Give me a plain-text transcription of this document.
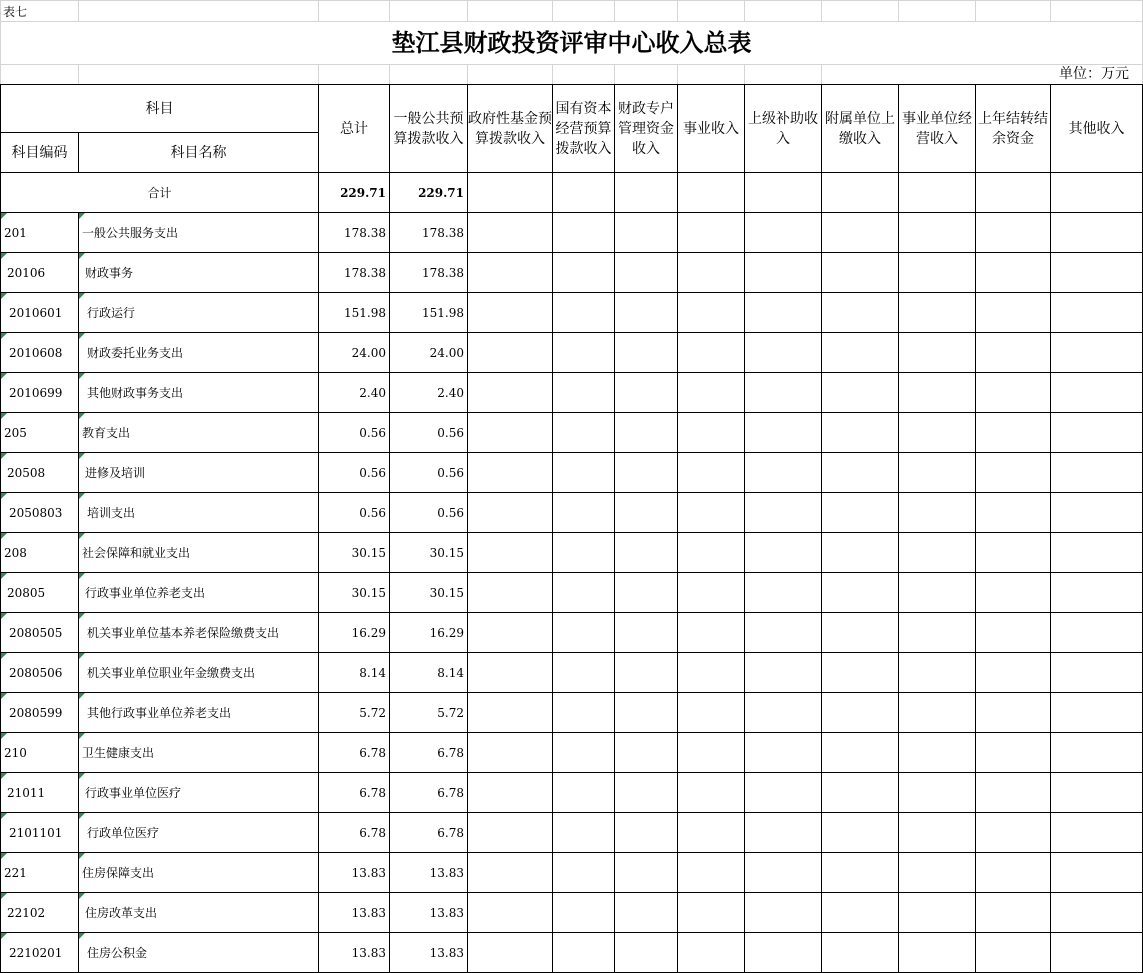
表七
垫江县财政投资评审中心收入总表
单位：万元
科目		总计	一般公共预算拨款收入	政府性基金预算拨款收入	国有资本经营预算拨款收入	财政专户管理资金收入	事业收入	上级补助收入	附属单位上缴收入	事业单位经营收入	上年结转结余资金	其他收入
科目编码	科目名称											
合计		229.71	229.71									

201	一般公共服务支出	178.38	178.38									

20106	财政事务	178.38	178.38									

2010601	行政运行	151.98	151.98									

2010608	财政委托业务支出	24.00	24.00									

2010699	其他财政事务支出	2.40	2.40									

205	教育支出	0.56	0.56									

20508	进修及培训	0.56	0.56									

2050803	培训支出	0.56	0.56									

208	社会保障和就业支出	30.15	30.15									

20805	行政事业单位养老支出	30.15	30.15									

2080505	机关事业单位基本养老保险缴费支出	16.29	16.29									

2080506	机关事业单位职业年金缴费支出	8.14	8.14									

2080599	其他行政事业单位养老支出	5.72	5.72									

210	卫生健康支出	6.78	6.78									

21011	行政事业单位医疗	6.78	6.78									

2101101	行政单位医疗	6.78	6.78									

221	住房保障支出	13.83	13.83									

22102	住房改革支出	13.83	13.83									

2210201	住房公积金	13.83	13.83									
